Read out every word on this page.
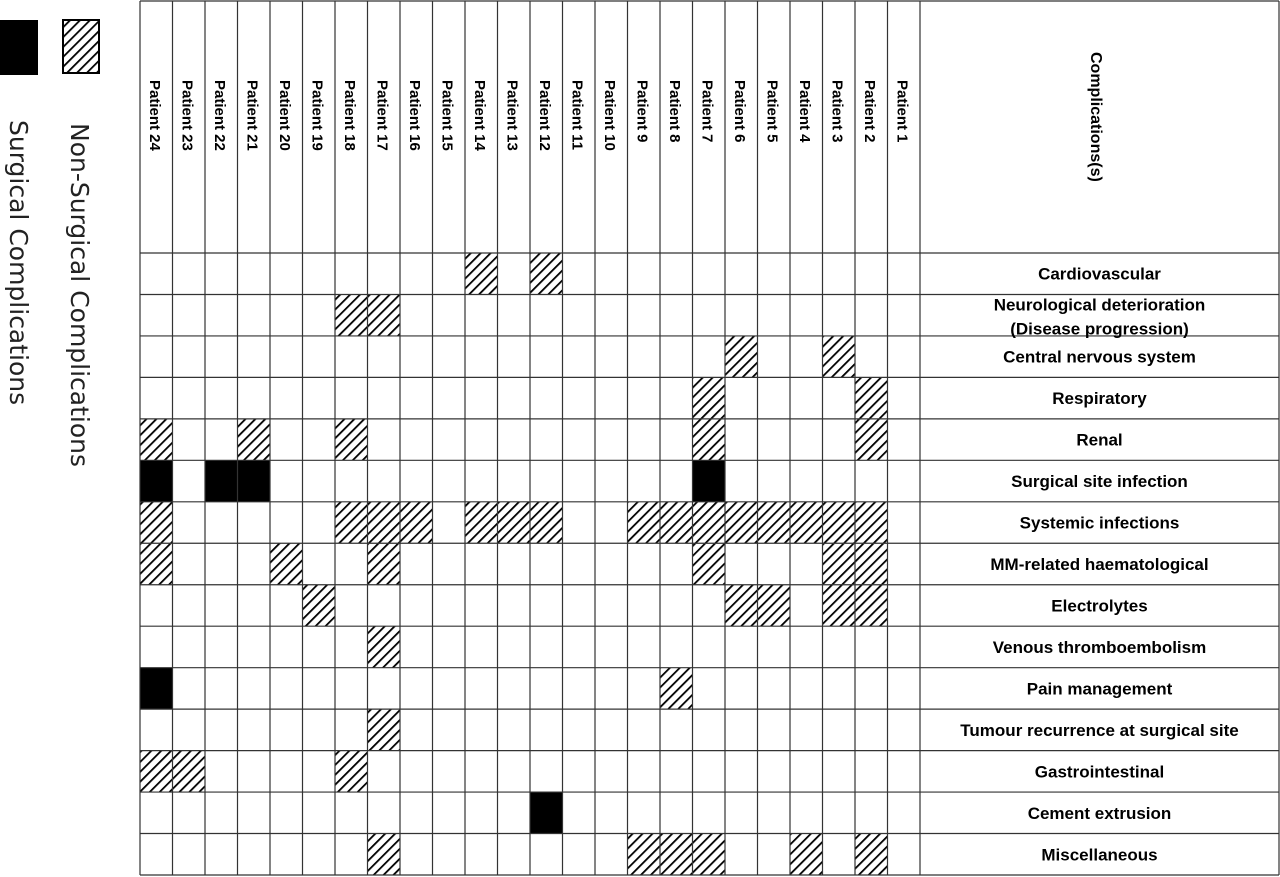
Non-Surgical Complications
Surgical Complications
Patient 24 Patient 23 Patient 22 Patient 21 Patient 20 Patient 19 Patient 18 Patient 17 Patient 16 Patient 15 Patient 14 Patient 13 Patient 12 Patient 11 Patient 10 Patient 9 Patient 8 Patient 7 Patient 6 Patient 5 Patient 4 Patient 3 Patient 2 Patient 1
Cardiovascular
Neurological deterioration (Disease progression)
Central nervous system
Respiratory
Renal
Surgical site infection
Systemic infections
MM-related haematological
Electrolytes
Venous thromboembolism
Pain management
Tumour recurrence at surgical site
Gastrointestinal
Cement extrusion
Miscellaneous
Complications(s)
